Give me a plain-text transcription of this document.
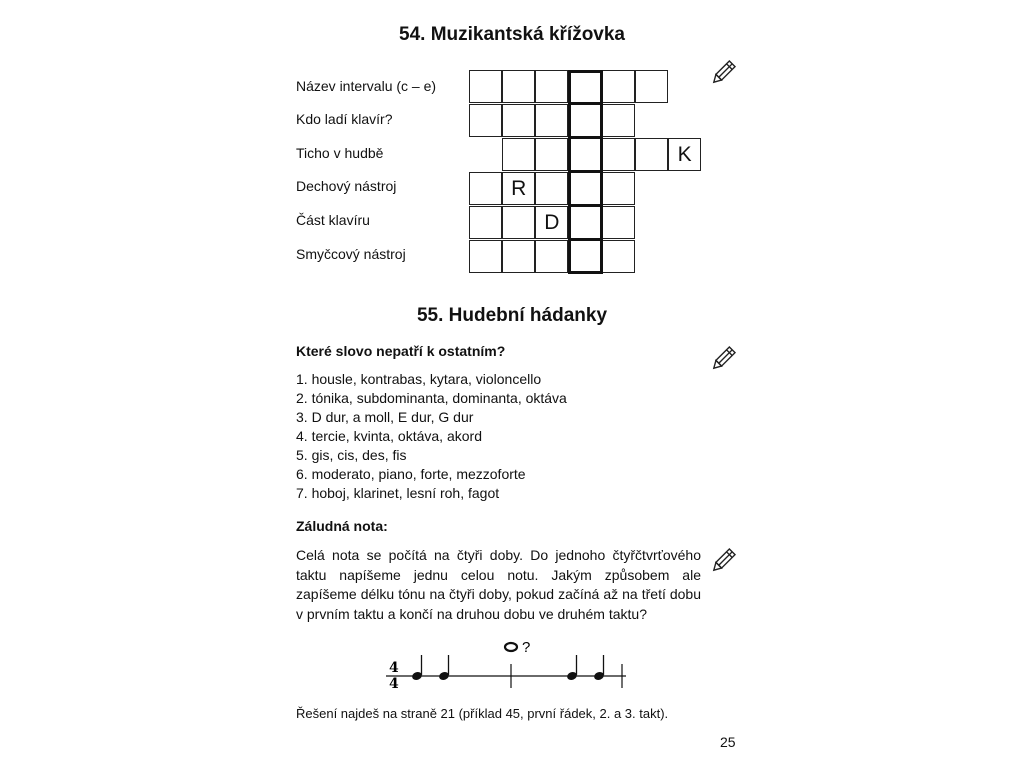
54. Muzikantská křížovka
Název intervalu (c – e)
Kdo ladí klavír?
Ticho v hudbě
Dechový nástroj
Část klavíru
Smyčcový nástroj
K
R
D
55. Hudební hádanky
Které slovo nepatří k ostatním?
1. housle, kontrabas, kytara, violoncello
2. tónika, subdominanta, dominanta, oktáva
3. D dur, a moll, E dur, G dur
4. tercie, kvinta, oktáva, akord
5. gis, cis, des, fis
6. moderato, piano, forte, mezzoforte
7. hoboj, klarinet, lesní roh, fagot
Záludná nota:
Celá nota se počítá na čtyři doby. Do jednoho čtyřčtvrťového taktu napíšeme jednu celou notu. Jakým způsobem ale zapíšeme délku tónu na čtyři doby, pokud začíná až na třetí dobu v prvním taktu a končí na druhou dobu ve druhém taktu?
4
4
?
Řešení najdeš na straně 21 (příklad 45, první řádek, 2. a 3. takt).
25
